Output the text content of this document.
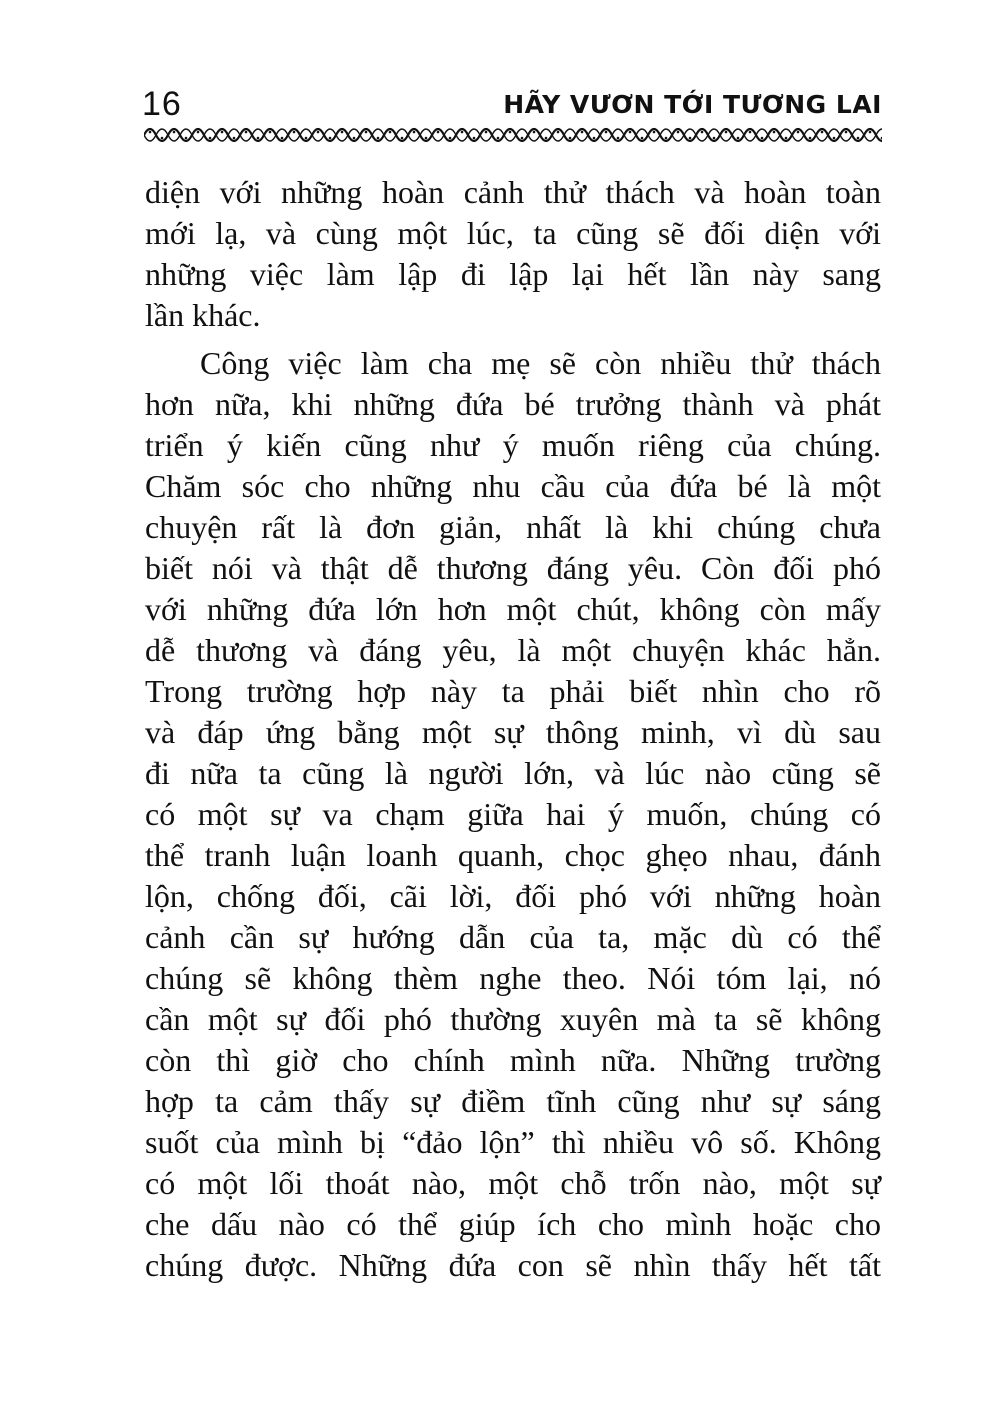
16	HÃY VƯƠN TỚI TƯƠNG LAI
diện với những hoàn cảnh thử thách và hoàn toàn
mới lạ, và cùng một lúc, ta cũng sẽ đối diện với
những việc làm lập đi lập lại hết lần này sang
lần khác.
Công việc làm cha mẹ sẽ còn nhiều thử thách
hơn nữa, khi những đứa bé trưởng thành và phát
triển ý kiến cũng như ý muốn riêng của chúng.
Chăm sóc cho những nhu cầu của đứa bé là một
chuyện rất là đơn giản, nhất là khi chúng chưa
biết nói và thật dễ thương đáng yêu. Còn đối phó
với những đứa lớn hơn một chút, không còn mấy
dễ thương và đáng yêu, là một chuyện khác hẳn.
Trong trường hợp này ta phải biết nhìn cho rõ
và đáp ứng bằng một sự thông minh, vì dù sau
đi nữa ta cũng là người lớn, và lúc nào cũng sẽ
có một sự va chạm giữa hai ý muốn, chúng có
thể tranh luận loanh quanh, chọc ghẹo nhau, đánh
lộn, chống đối, cãi lời, đối phó với những hoàn
cảnh cần sự hướng dẫn của ta, mặc dù có thể
chúng sẽ không thèm nghe theo. Nói tóm lại, nó
cần một sự đối phó thường xuyên mà ta sẽ không
còn thì giờ cho chính mình nữa. Những trường
hợp ta cảm thấy sự điềm tĩnh cũng như sự sáng
suốt của mình bị “đảo lộn” thì nhiều vô số. Không
có một lối thoát nào, một chỗ trốn nào, một sự
che dấu nào có thể giúp ích cho mình hoặc cho
chúng được. Những đứa con sẽ nhìn thấy hết tất
